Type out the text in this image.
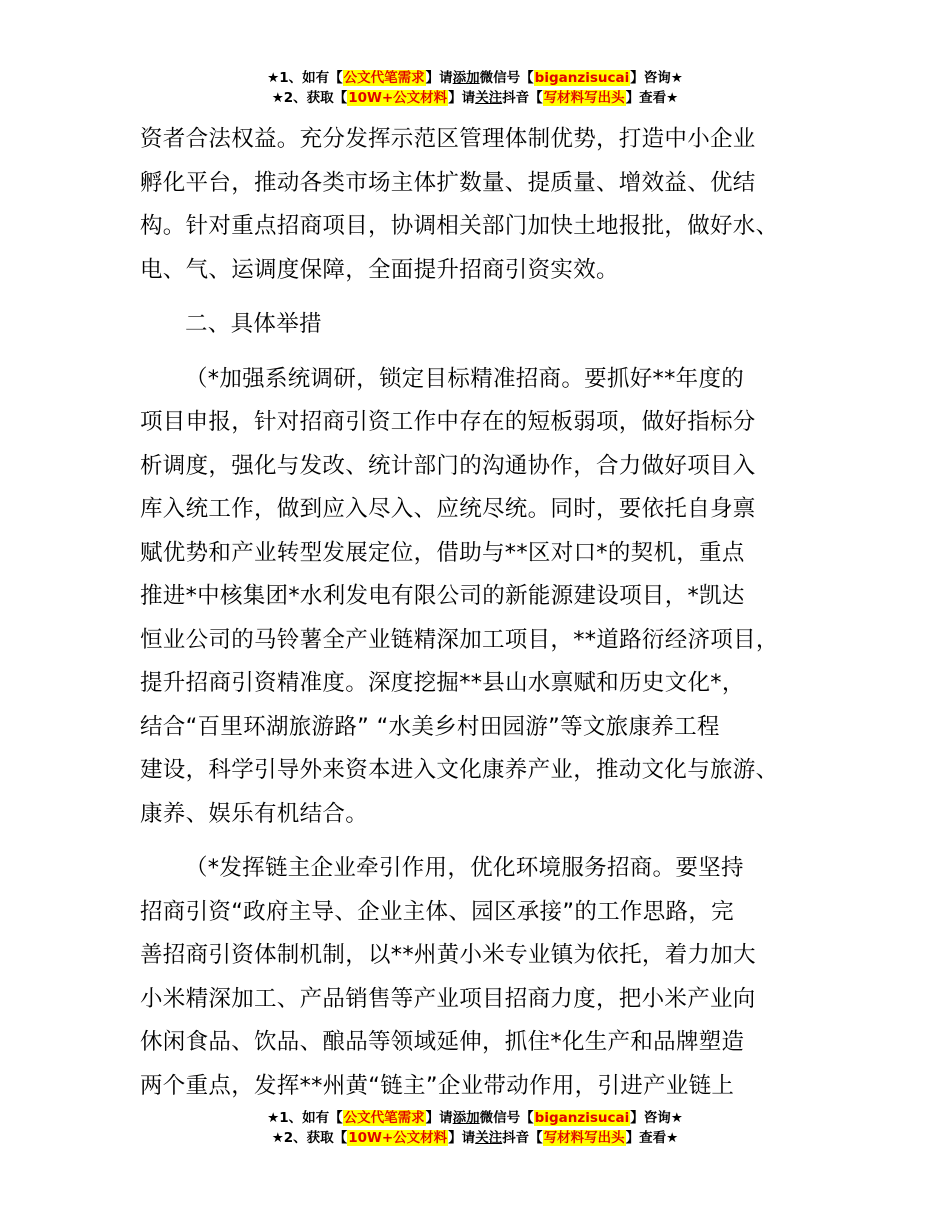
★1、如有【公文代笔需求】请添加微信号【biganzisucai】咨询★
★2、获取【10W+公文材料】请关注抖音【写材料写出头】查看★
资者合法权益。充分发挥示范区管理体制优势，打造中小企业
孵化平台，推动各类市场主体扩数量、提质量、增效益、优结
构。针对重点招商项目，协调相关部门加快土地报批，做好水、
电、气、运调度保障，全面提升招商引资实效。
二、具体举措
（*加强系统调研，锁定目标精准招商。要抓好**年度的
项目申报，针对招商引资工作中存在的短板弱项，做好指标分
析调度，强化与发改、统计部门的沟通协作，合力做好项目入
库入统工作，做到应入尽入、应统尽统。同时，要依托自身禀
赋优势和产业转型发展定位，借助与**区对口*的契机，重点
推进*中核集团*水利发电有限公司的新能源建设项目，*凯达
恒业公司的马铃薯全产业链精深加工项目，**道路衍经济项目，
提升招商引资精准度。深度挖掘**县山水禀赋和历史文化*，
结合“百里环湖旅游路” “水美乡村田园游”等文旅康养工程
建设，科学引导外来资本进入文化康养产业，推动文化与旅游、
康养、娱乐有机结合。
（*发挥链主企业牵引作用，优化环境服务招商。要坚持
招商引资“政府主导、企业主体、园区承接”的工作思路，完
善招商引资体制机制，以**州黄小米专业镇为依托，着力加大
小米精深加工、产品销售等产业项目招商力度，把小米产业向
休闲食品、饮品、酿品等领域延伸，抓住*化生产和品牌塑造
两个重点，发挥**州黄“链主”企业带动作用，引进产业链上
★1、如有【公文代笔需求】请添加微信号【biganzisucai】咨询★
★2、获取【10W+公文材料】请关注抖音【写材料写出头】查看★
